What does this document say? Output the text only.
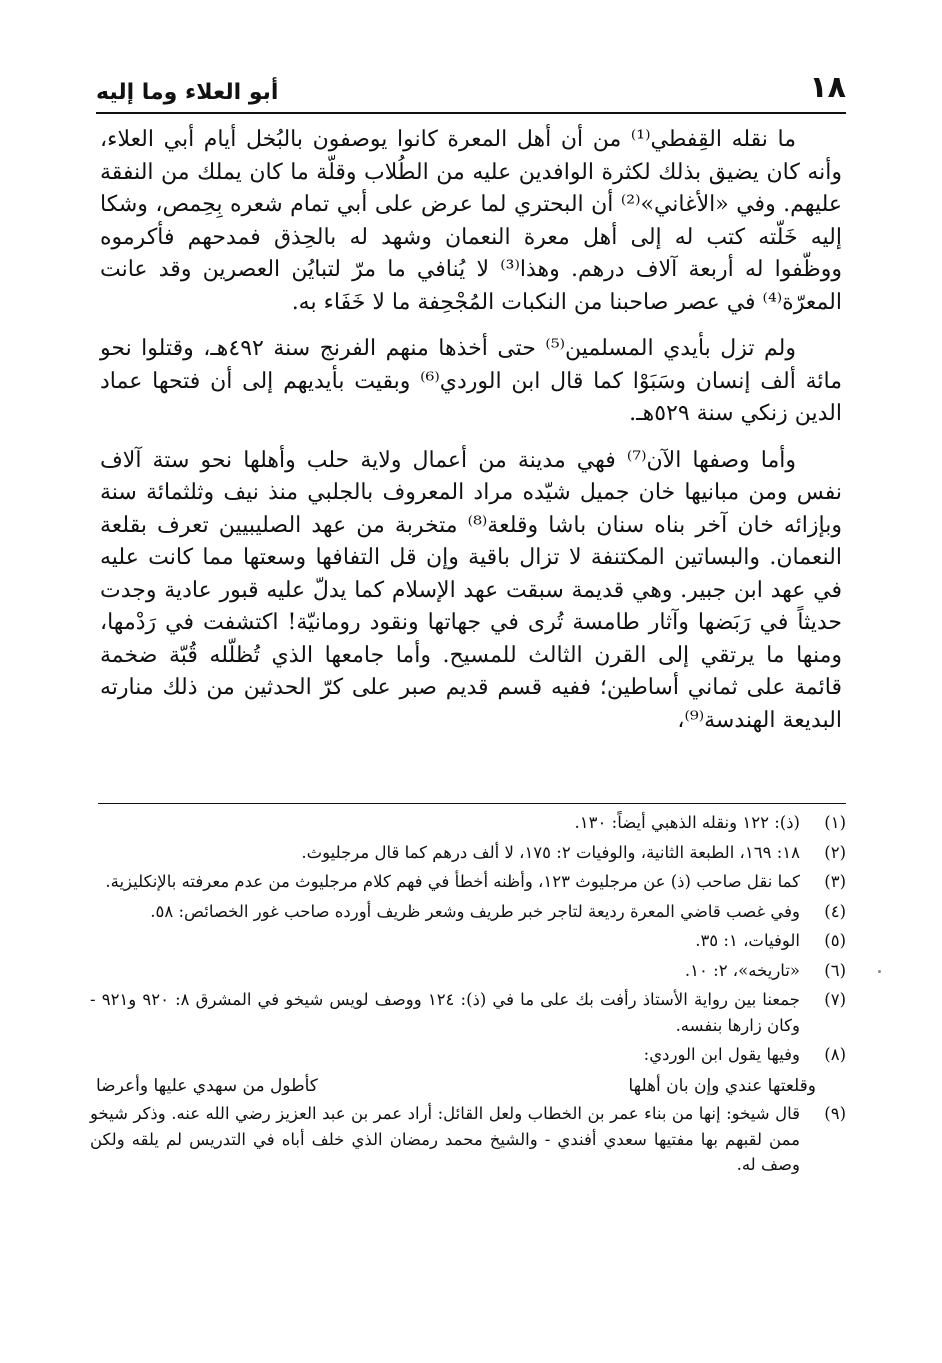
١٨
أبو العلاء وما إليه

ما نقله القِفطي⁽¹⁾ من أن أهل المعرة كانوا يوصفون بالبُخل أيام أبي العلاء، وأنه كان يضيق بذلك لكثرة الوافدين عليه من الطُلاب وقلّة ما كان يملك من النفقة عليهم. وفي «الأغاني»⁽²⁾ أن البحتري لما عرض على أبي تمام شعره بِحِمص، وشكا إليه خَلّته كتب له إلى أهل معرة النعمان وشهد له بالحِذق فمدحهم فأكرموه ووظّفوا له أربعة آلاف درهم. وهذا⁽³⁾ لا يُنافي ما مرّ لتبايُن العصرين وقد عانت المعرّة⁽⁴⁾ في عصر صاحبنا من النكبات المُجْحِفة ما لا خَفَاء به.

ولم تزل بأيدي المسلمين⁽⁵⁾ حتى أخذها منهم الفرنج سنة ٤٩٢هـ، وقتلوا نحو مائة ألف إنسان وسَبَوْا كما قال ابن الوردي⁽⁶⁾ وبقيت بأيديهم إلى أن فتحها عماد الدين زنكي سنة ٥٢٩هـ.

وأما وصفها الآن⁽⁷⁾ فهي مدينة من أعمال ولاية حلب وأهلها نحو ستة آلاف نفس ومن مبانيها خان جميل شيّده مراد المعروف بالجلبي منذ نيف وثلثمائة سنة وبإزائه خان آخر بناه سنان باشا وقلعة⁽⁸⁾ متخربة من عهد الصليبيين تعرف بقلعة النعمان. والبساتين المكتنفة لا تزال باقية وإن قل التفافها وسعتها مما كانت عليه في عهد ابن جبير. وهي قديمة سبقت عهد الإسلام كما يدلّ عليه قبور عادية وجدت حديثاً في رَبَضها وآثار طامسة تُرى في جهاتها ونقود رومانيّة! اكتشفت في رَدْمها، ومنها ما يرتقي إلى القرن الثالث للمسيح. وأما جامعها الذي تُظلّله قُبّة ضخمة قائمة على ثماني أساطين؛ ففيه قسم قديم صبر على كرّ الحدثين من ذلك منارته البديعة الهندسة⁽⁹⁾،

(١)
(ذ): ١٢٢ ونقله الذهبي أيضاً: ١٣٠.
(٢)
١٨: ١٦٩، الطبعة الثانية، والوفيات ٢: ١٧٥، لا ألف درهم كما قال مرجليوث.
(٣)
كما نقل صاحب (ذ) عن مرجليوث ١٢٣، وأظنه أخطأ في فهم كلام مرجليوث من عدم معرفته بالإنكليزية.
(٤)
وفي غصب قاضي المعرة رديعة لتاجر خبر طريف وشعر ظريف أورده صاحب غور الخصائص: ٥٨.
(٥)
الوفيات، ١: ٣٥.
(٦)
«تاريخه»، ٢: ١٠.
(٧)
جمعنا بين رواية الأستاذ رأفت بك على ما في (ذ): ١٢٤ ووصف لويس شيخو في المشرق ٨: ٩٢٠ و٩٢١ - وكان زارها بنفسه.
(٨)
وفيها يقول ابن الوردي:
وقلعتها عندي وإن بان أهلها
كأطول من سهدي عليها وأعرضا
(٩)
قال شيخو: إنها من بناء عمر بن الخطاب ولعل القائل: أراد عمر بن عبد العزيز رضي الله عنه. وذكر شيخو ممن لقبهم بها مفتيها سعدي أفندي - والشيخ محمد رمضان الذي خلف أباه في التدريس لم يلقه ولكن وصف له.
